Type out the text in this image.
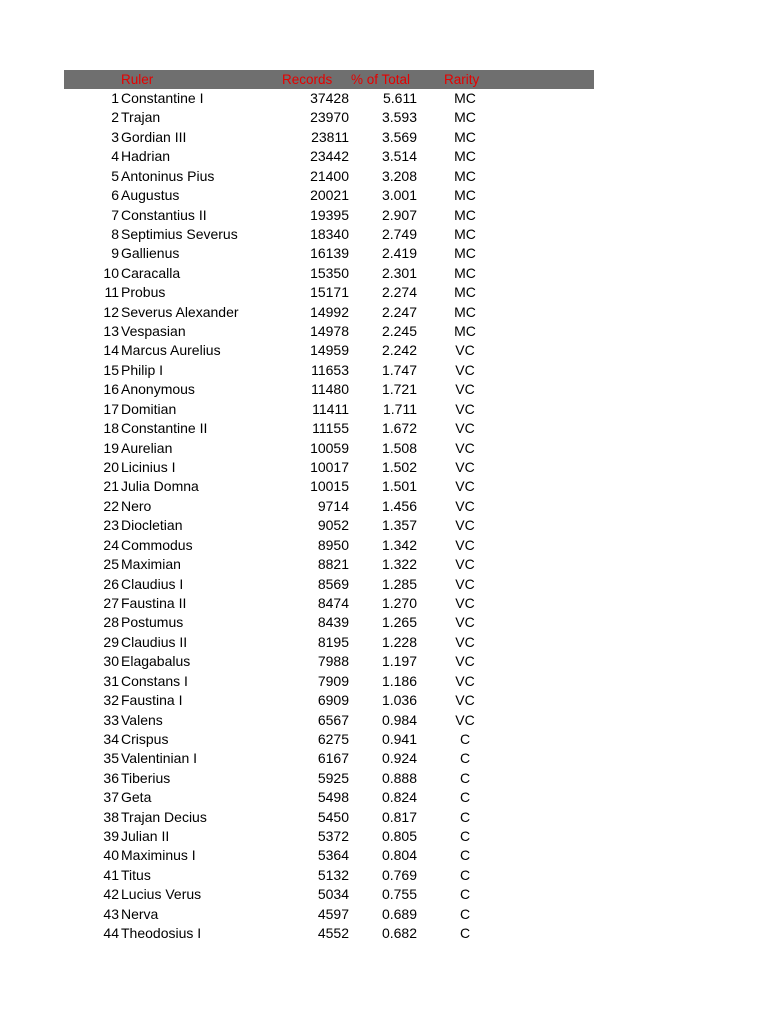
Ruler	Records % of Total	Rarity
1 Constantine I	37428 5.611	MC
2 Trajan	23970 3.593	MC
3 Gordian III	23811 3.569	MC
4 Hadrian	23442 3.514	MC
5 Antoninus Pius	21400 3.208	MC
6 Augustus	20021 3.001	MC
7 Constantius II	19395 2.907	MC
8 Septimius Severus	18340 2.749	MC
9 Gallienus	16139 2.419	MC
10 Caracalla	15350 2.301	MC
11 Probus	15171 2.274	MC
12 Severus Alexander	14992 2.247	MC
13 Vespasian	14978 2.245	MC
14 Marcus Aurelius	14959 2.242	VC
15 Philip I	11653 1.747	VC
16 Anonymous	11480 1.721	VC
17 Domitian	11411 1.711	VC
18 Constantine II	11155 1.672	VC
19 Aurelian	10059 1.508	VC
20 Licinius I	10017 1.502	VC
21 Julia Domna	10015 1.501	VC
22 Nero	9714 1.456	VC
23 Diocletian	9052 1.357	VC
24 Commodus	8950 1.342	VC
25 Maximian	8821 1.322	VC
26 Claudius I	8569 1.285	VC
27 Faustina II	8474 1.270	VC
28 Postumus	8439 1.265	VC
29 Claudius II	8195 1.228	VC
30 Elagabalus	7988 1.197	VC
31 Constans I	7909 1.186	VC
32 Faustina I	6909 1.036	VC
33 Valens	6567 0.984	VC
34 Crispus	6275 0.941	C
35 Valentinian I	6167 0.924	C
36 Tiberius	5925 0.888	C
37 Geta	5498 0.824	C
38 Trajan Decius	5450 0.817	C
39 Julian II	5372 0.805	C
40 Maximinus I	5364 0.804	C
41 Titus	5132 0.769	C
42 Lucius Verus	5034 0.755	C
43 Nerva	4597 0.689	C
44 Theodosius I	4552 0.682	C
